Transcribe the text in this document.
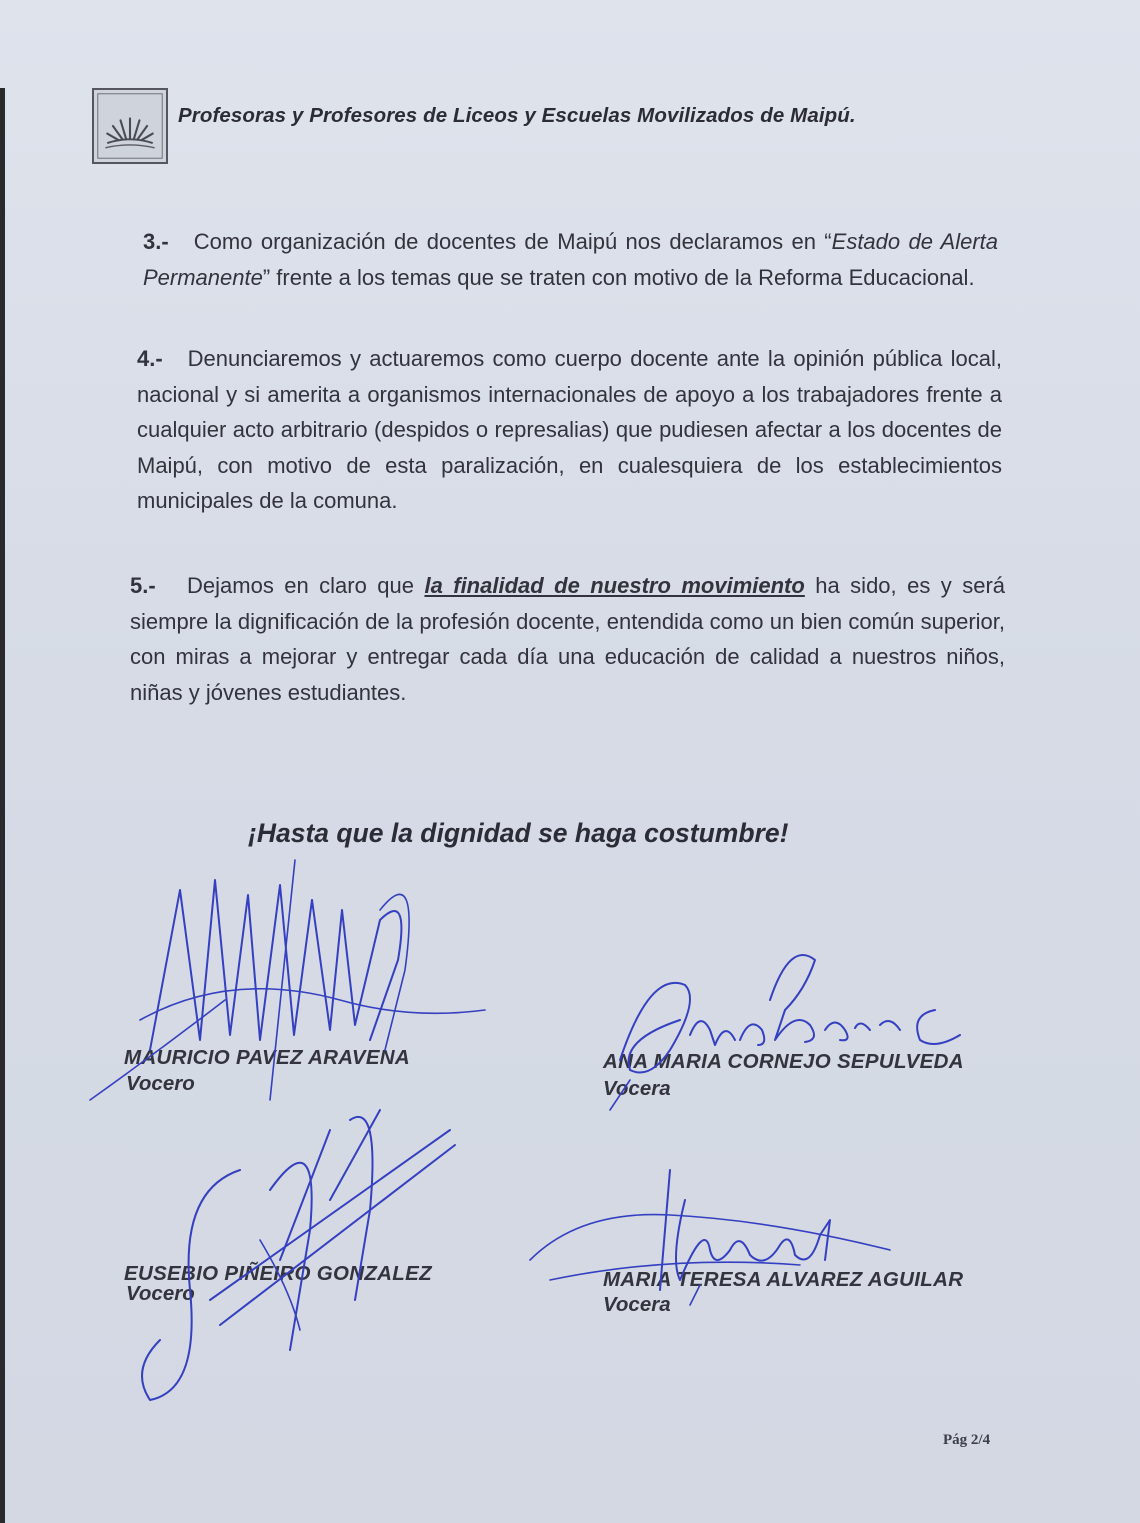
Profesoras y Profesores de Liceos y Escuelas Movilizados de Maipú.
3.- Como organización de docentes de Maipú nos declaramos en “Estado de Alerta Permanente” frente a los temas que se traten con motivo de la Reforma Educacional.
4.- Denunciaremos y actuaremos como cuerpo docente ante la opinión pública local, nacional y si amerita a organismos internacionales de apoyo a los trabajadores frente a cualquier acto arbitrario (despidos o represalias) que pudiesen afectar a los docentes de Maipú, con motivo de esta paralización, en cualesquiera de los establecimientos municipales de la comuna.
5.- Dejamos en claro que la finalidad de nuestro movimiento ha sido, es y será siempre la dignificación de la profesión docente, entendida como un bien común superior, con miras a mejorar y entregar cada día una educación de calidad a nuestros niños, niñas y jóvenes estudiantes.
¡Hasta que la dignidad se haga costumbre!
MAURICIO PAVEZ ARAVENA
Vocero
ANA MARIA CORNEJO SEPULVEDA
Vocera
EUSEBIO PIÑEIRO GONZALEZ
Vocero
MARIA TERESA ALVAREZ AGUILAR
Vocera
Pág 2/4
